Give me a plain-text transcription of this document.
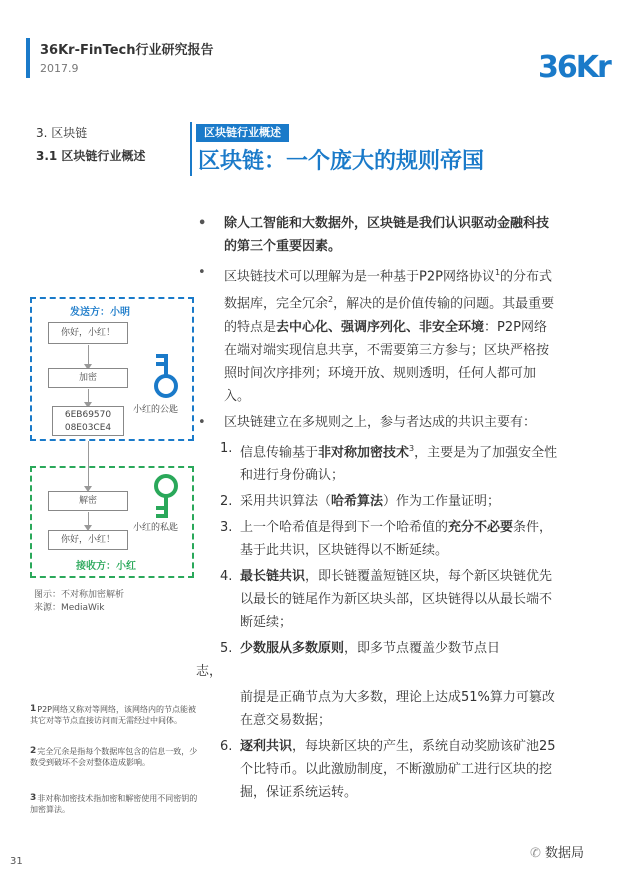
36Kr-FinTech行业研究报告
2017.9	36Kr
3. 区块链
3.1 区块链行业概述
区块链行业概述
区块链：一个庞大的规则帝国

• 除人工智能和大数据外，区块链是我们认识驱动金融科技的第三个重要因素。

• 区块链技术可以理解为是一种基于P2P网络协议$^1$的分布式数据库，完全冗余$^2$，解决的是价值传输的问题。其最重要的特点是去中心化、强调序列化、非安全环境：P2P网络在端对端实现信息共享，不需要第三方参与；区块严格按照时间次序排列；环境开放、规则透明，任何人都可加入。

• 区块链建立在多规则之上，参与者达成的共识主要有：

1. 信息传输基于非对称加密技术$^3$，主要是为了加强安全性和进行身份确认；

2. 采用共识算法（哈希算法）作为工作量证明；

3. 上一个哈希值是得到下一个哈希值的充分不必要条件，基于此共识，区块链得以不断延续。

4. 最长链共识，即长链覆盖短链区块，每个新区块链优先以最长的链尾作为新区块头部，区块链得以从最长端不断延续；

5. 少数服从多数原则，即多节点覆盖少数节点日

志，

前提是正确节点为大多数，理论上达成51%算力可篡改在意交易数据；

6. 逐利共识，每块新区块的产生，系统自动奖励该矿池25个比特币。以此激励制度，不断激励矿工进行区块的挖掘，保证系统运转。

发送方：小明
你好，小红！
加密
6EB69570
08E03CE4
小红的公匙
解密
你好，小红！
接收方：小红
小红的私匙
图示：不对称加密解析
来源：MediaWik
$^1$P2P网络又称对等网络，该网络内的节点能被其它对等节点直接访问而无需经过中间体。
$^2$完全冗余是指每个数据库包含的信息一致，少数受到破坏不会对整体造成影响。
$^3$非对称加密技术指加密和解密使用不同密钥的加密算法。
31
✆ 数据局
